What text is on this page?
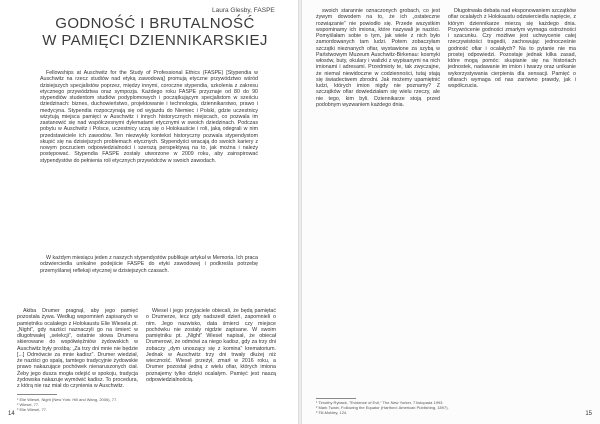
GODNOŚĆ I BRUTALNOŚĆ
W PAMIĘCI DZIENNIKARSKIEJ

Fellowships at Auschwitz for the Study of Professional Ethics (FASPE) [Stypendia w Auschwitz na rzecz studiów nad etyką zawodową] promują etyczne przywództwo wśród dzisiejszych specjalistów poprzez, między innymi, coroczne stypendia, szkolenia z zakresu etycznego przywództwa oraz sympozja. Każdego roku FASPE przyznaje od 80 do 90 stypendiów studentom studiów podyplomowych i początkującym specjalistom w sześciu dziedzinach: biznes, duchowieństwo, projektowanie i technologia, dziennikarstwo, prawo i medycyna. Stypendia rozpoczynają się od wyjazdu do Niemiec i Polski, gdzie uczestnicy wizytują miejsca pamięci w Auschwitz i innych historycznych miejscach, co pozwala im zastanowić się nad współczesnymi dylematami etycznymi w swoich dziedzinach. Podczas pobytu w Auschwitz i Polsce, uczestnicy uczą się o Holokauście i roli, jaką odegrali w nim przedstawiciele ich zawodów. Ten niezwykły kontekst historyczny pozwala stypendystom skupić się na dzisiejszych problemach etycznych. Stypendyści wracają do swoich kariery z nowym poczuciem odpowiedzialności i szerszą perspektywą na to, jak można i należy postępować. Stypendia FASPE zostały utworzone w 2009 roku, aby zainspirować stypendystów do pełnienia roli etycznych przywódców w swoich zawodach.

W każdym miesiącu jeden z naszych stypendystów publikuje artykuł w Memoria. Ich praca odzwierciedla unikalne podejście FASPE do etyki zawodowej i podkreśla potrzebę przemyślanej refleksji etycznej w dzisiejszych czasach.

Akiba Drumer pragnął, aby jego pamięć pozostała żywa. Według wspomnień zapisanych w pamiętniku ocalałego z Holokaustu Elie Wiesela pt. „Night”, gdy naziści naznaczyli go na śmierć w dlugotrwałej „selekcji”, ostatnie słowa Drumera skierowane do współwięźniów żydowskich w Auschwitz były prośbą: „Za trzy dni mnie nie będzie [...] Odmówcie za mnie kadisz”. Drumer wiedział, że naziści go spalą, tamtego tradycyjnie żydowskie prawo nakazujące pochówek nienaruszonych ciał. Żeby jego dusza mogła odejść w spokoju, tradycja żydowska nakazuje wymówić kadisz. To procedura, z którą nie raz miał do czynienia w Auschwitz.

Wiesel i jego przyjaciele obiecali, że będą pamiętać o Drumerze, lecz gdy nadszedł dzień, zapomnieli o nim. Jego nazwisko, data śmierci czy miejsce pochówku nie zostały nigdzie zapisane. W swoim pamiętniku pt. „Night” Wiesel napisał, że obiecał Drumerowi, że odmówi za niego kadisz, gdy za trzy dni zobaczy „dym unoszący się z komina” krematorium. Jednak w Auschwitz trzy dni trwały dłużej niż wieczność. Wiesel przeżył, zmarł w 2016 roku, a Drumer pozostał jedną z wielu ofiar, których imiona poznajemy tylko dzięki ocalałym. Pamięć jest naszą odpowiedzialnością.

¹ Elie Wiesel, Night (New York: Hill and Wang, 2006), 77.
² Wiesel, 77.
³ Elie Wiesel, 77.
14
Laura Glesby, FASPE	swoich starannie oznaczonych grobach, co jest żywym dowodem na to, że ich „ostateczne rozwiązanie” nie powiodło się. Przede wszystkim wspominamy ich imiona, które nazywali je naziści. Pomyślałam sobie o tym, jak wiele z nich było zamordowanych tam ludzi. Potem zobaczyłam szczątki nieznanych ofiar, wystawione za szybą w Państwowym Muzeum Auschwitz-Birkenau: kosmyki włosów, buty, okulary i walizki z wypisanymi na nich imionami i adresami. Przedmioty te, tak zwyczajne, że niemal niewidoczne w codzienności, tutaj stają się świadectwem zbrodni. Jak możemy upamiętnić ludzi, których imion nigdy nie poznamy? Z szczątków ofiar dowiedziałam się wielu rzeczy, ale nie tego, kim byli. Dziennikarze stoją przed podobnym wyzwaniem każdego dnia.

Długotrwała debata nad eksponowaniem szczątków ofiar ocalałych z Holokaustu odzwierciedla napięcie, z którym dziennikarze mierzą się każdego dnia. Przywrócenie godności zmarłym wymaga ostrożności i szacunku. Czy możliwe jest uchwycenie całej rzeczywistości tragedii, zachowując jednocześnie godność ofiar i ocalałych? Na to pytanie nie ma prostej odpowiedzi. Pozostaje jednak kilka zasad, które mogą pomóc: skupianie się na historiach jednostek, nadawanie im imion i twarzy oraz unikanie wykorzystywania cierpienia dla sensacji. Pamięć o ofiarach wymaga od nas zarówno prawdy, jak i współczucia.

¹ Timothy Ryback, "Evidence of Evil," The New Yorker, 7 listopada 1993.
² Mark Twain, Following the Equator (Hartford: American Publishing, 1897).
³ Tili-Mobley, 124.	15
